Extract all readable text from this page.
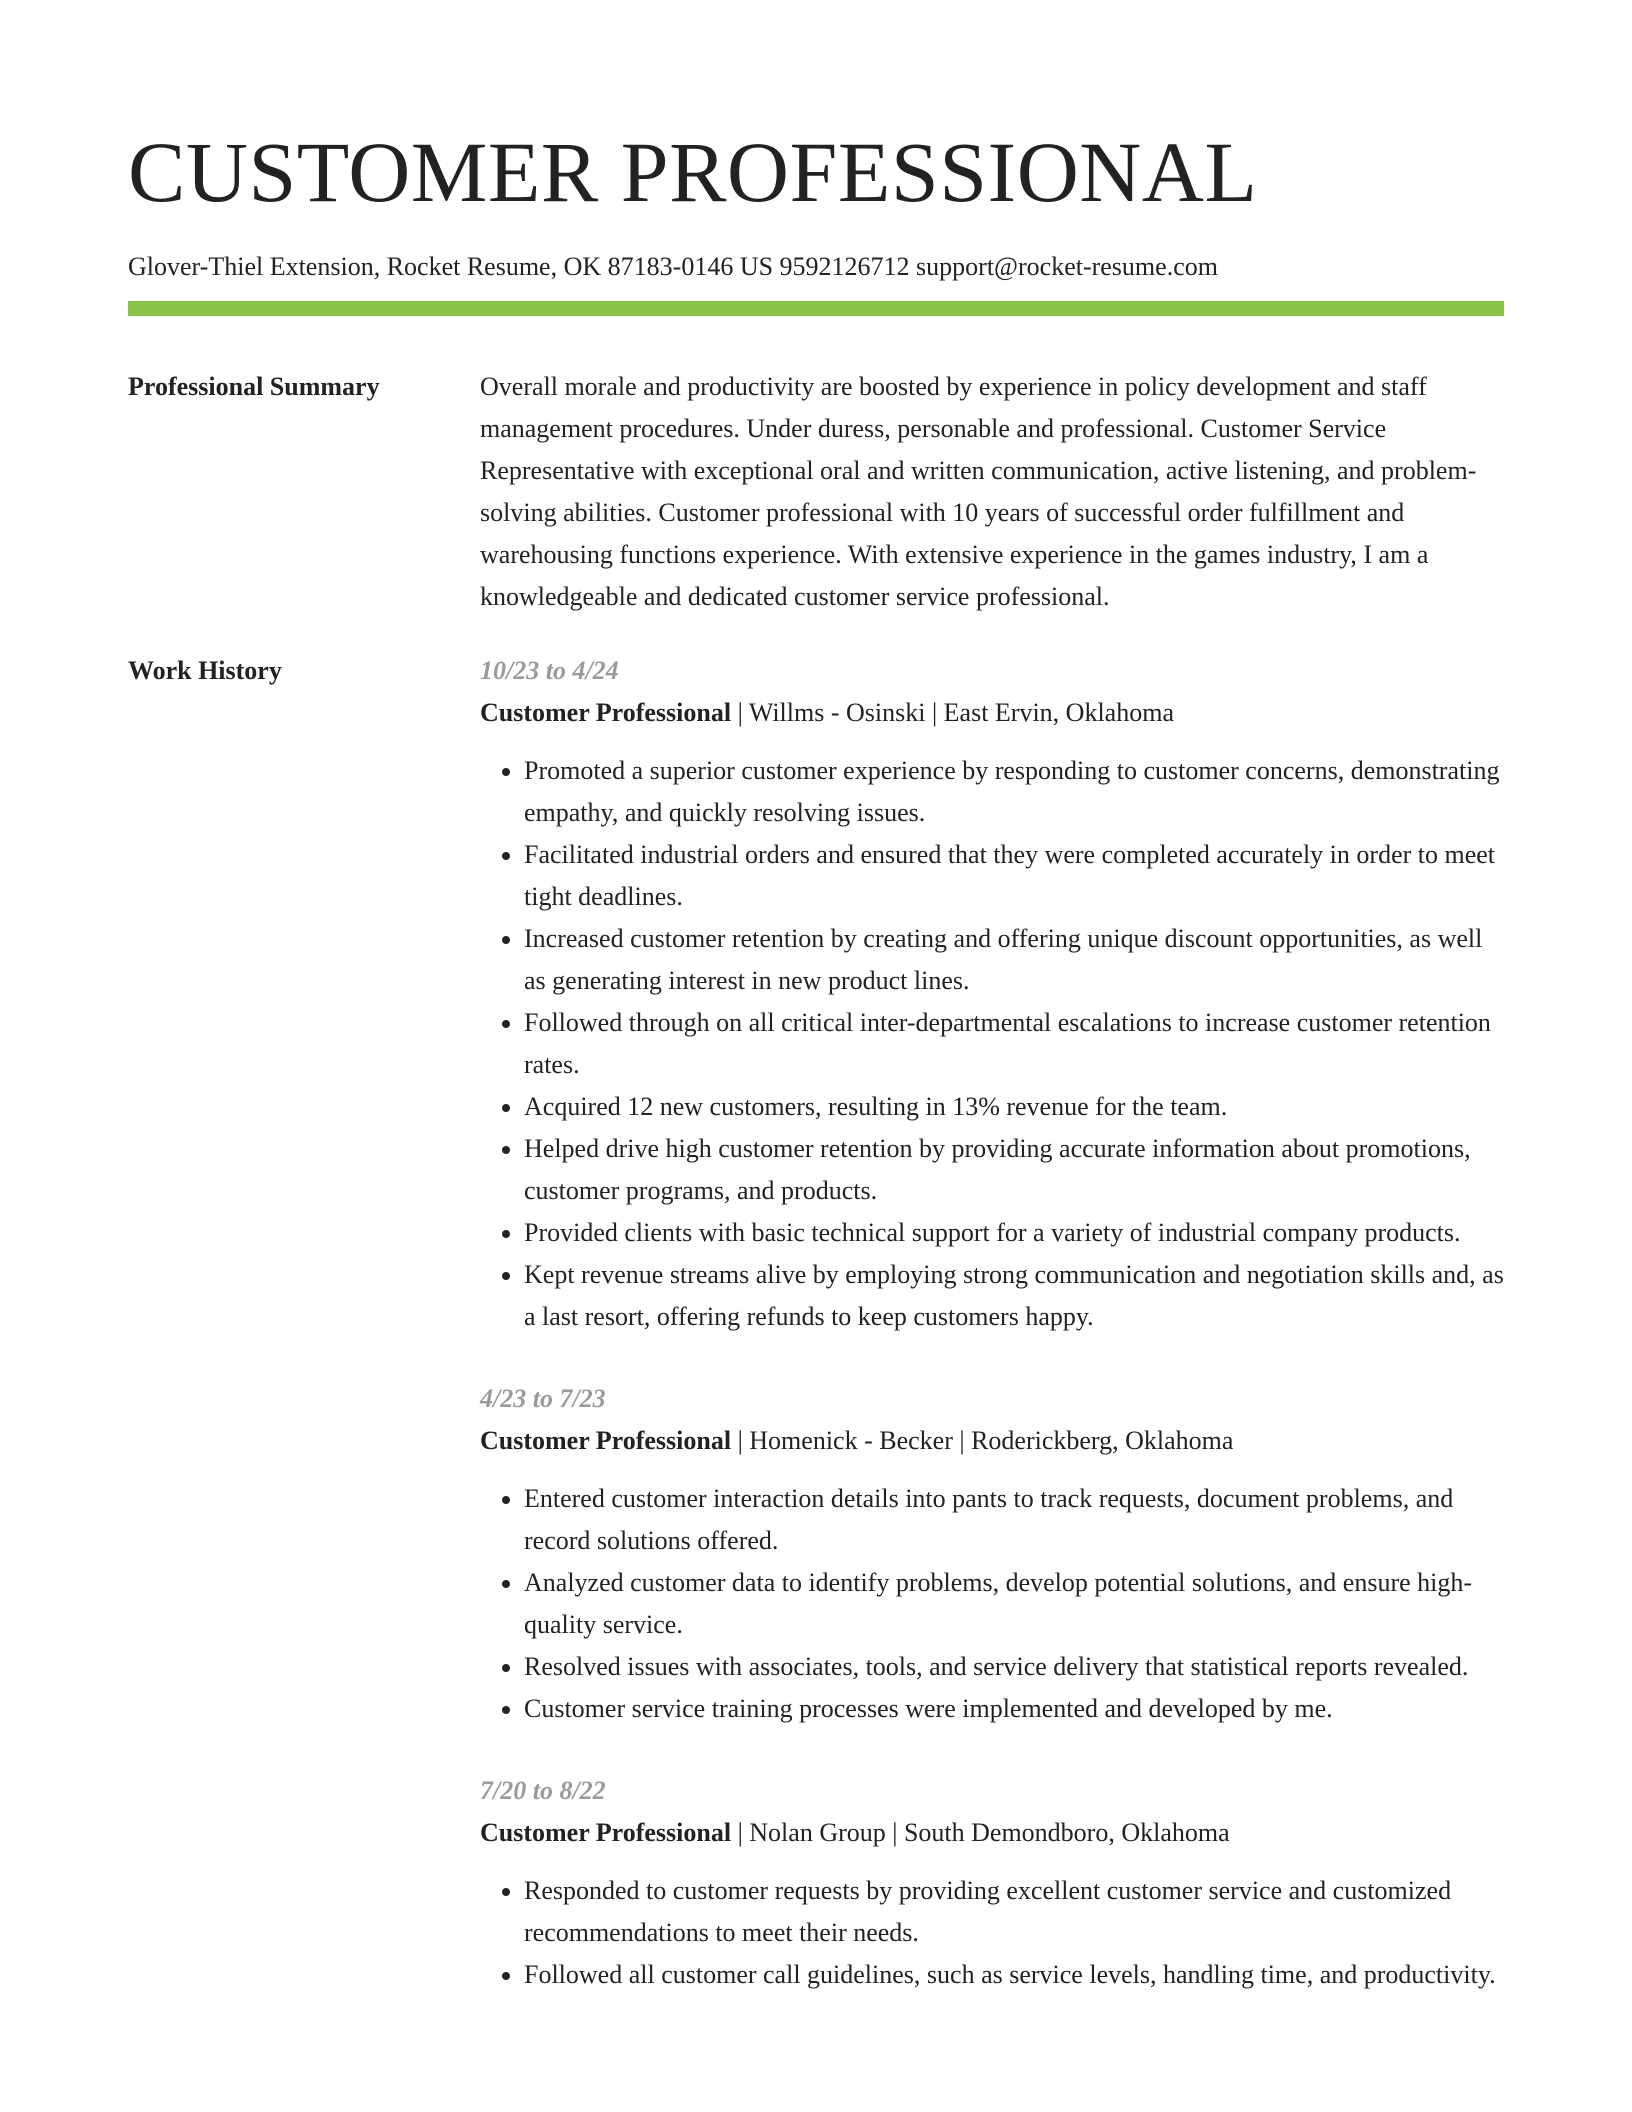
CUSTOMER PROFESSIONAL
Glover-Thiel Extension, Rocket Resume, OK 87183-0146 US 9592126712 support@rocket-resume.com
Professional Summary	Overall morale and productivity are boosted by experience in policy development and staff management procedures. Under duress, personable and professional. Customer Service Representative with exceptional oral and written communication, active listening, and problem-solving abilities. Customer professional with 10 years of successful order fulfillment and warehousing functions experience. With extensive experience in the games industry, I am a knowledgeable and dedicated customer service professional.
Work History	10/23 to 4/24
Customer Professional | Willms - Osinski | East Ervin, Oklahoma
• Promoted a superior customer experience by responding to customer concerns, demonstrating empathy, and quickly resolving issues.
• Facilitated industrial orders and ensured that they were completed accurately in order to meet tight deadlines.
• Increased customer retention by creating and offering unique discount opportunities, as well as generating interest in new product lines.
• Followed through on all critical inter-departmental escalations to increase customer retention rates.
• Acquired 12 new customers, resulting in 13% revenue for the team.
• Helped drive high customer retention by providing accurate information about promotions, customer programs, and products.
• Provided clients with basic technical support for a variety of industrial company products.
• Kept revenue streams alive by employing strong communication and negotiation skills and, as a last resort, offering refunds to keep customers happy.
4/23 to 7/23
Customer Professional | Homenick - Becker | Roderickberg, Oklahoma
• Entered customer interaction details into pants to track requests, document problems, and record solutions offered.
• Analyzed customer data to identify problems, develop potential solutions, and ensure high-quality service.
• Resolved issues with associates, tools, and service delivery that statistical reports revealed.
• Customer service training processes were implemented and developed by me.
7/20 to 8/22
Customer Professional | Nolan Group | South Demondboro, Oklahoma
• Responded to customer requests by providing excellent customer service and customized recommendations to meet their needs.
• Followed all customer call guidelines, such as service levels, handling time, and productivity.
